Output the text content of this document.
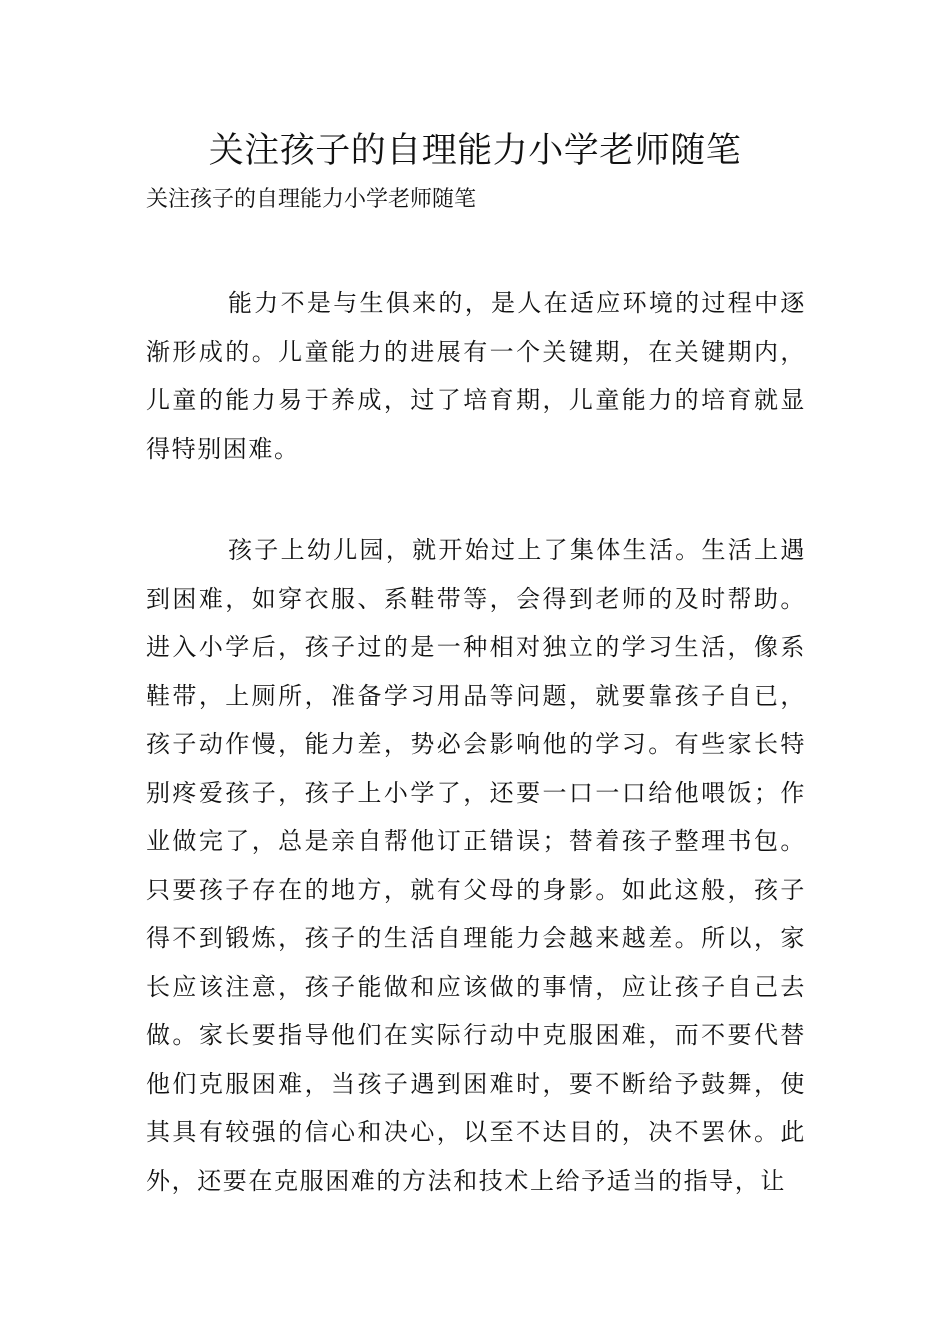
关注孩子的自理能力小学老师随笔

关注孩子的自理能力小学老师随笔

能力不是与生俱来的，是人在适应环境的过程中逐渐形成的。儿童能力的进展有一个关键期，在关键期内，儿童的能力易于养成，过了培育期，儿童能力的培育就显得特别困难。

孩子上幼儿园，就开始过上了集体生活。生活上遇到困难，如穿衣服、系鞋带等，会得到老师的及时帮助。进入小学后，孩子过的是一种相对独立的学习生活，像系鞋带，上厕所，准备学习用品等问题，就要靠孩子自已，孩子动作慢，能力差，势必会影响他的学习。有些家长特别疼爱孩子，孩子上小学了，还要一口一口给他喂饭；作业做完了，总是亲自帮他订正错误；替着孩子整理书包。只要孩子存在的地方，就有父母的身影。如此这般，孩子得不到锻炼，孩子的生活自理能力会越来越差。所以，家长应该注意，孩子能做和应该做的事情，应让孩子自己去做。家长要指导他们在实际行动中克服困难，而不要代替他们克服困难，当孩子遇到困难时，要不断给予鼓舞，使其具有较强的信心和决心，以至不达目的，决不罢休。此外，还要在克服困难的方法和技术上给予适当的指导，让
